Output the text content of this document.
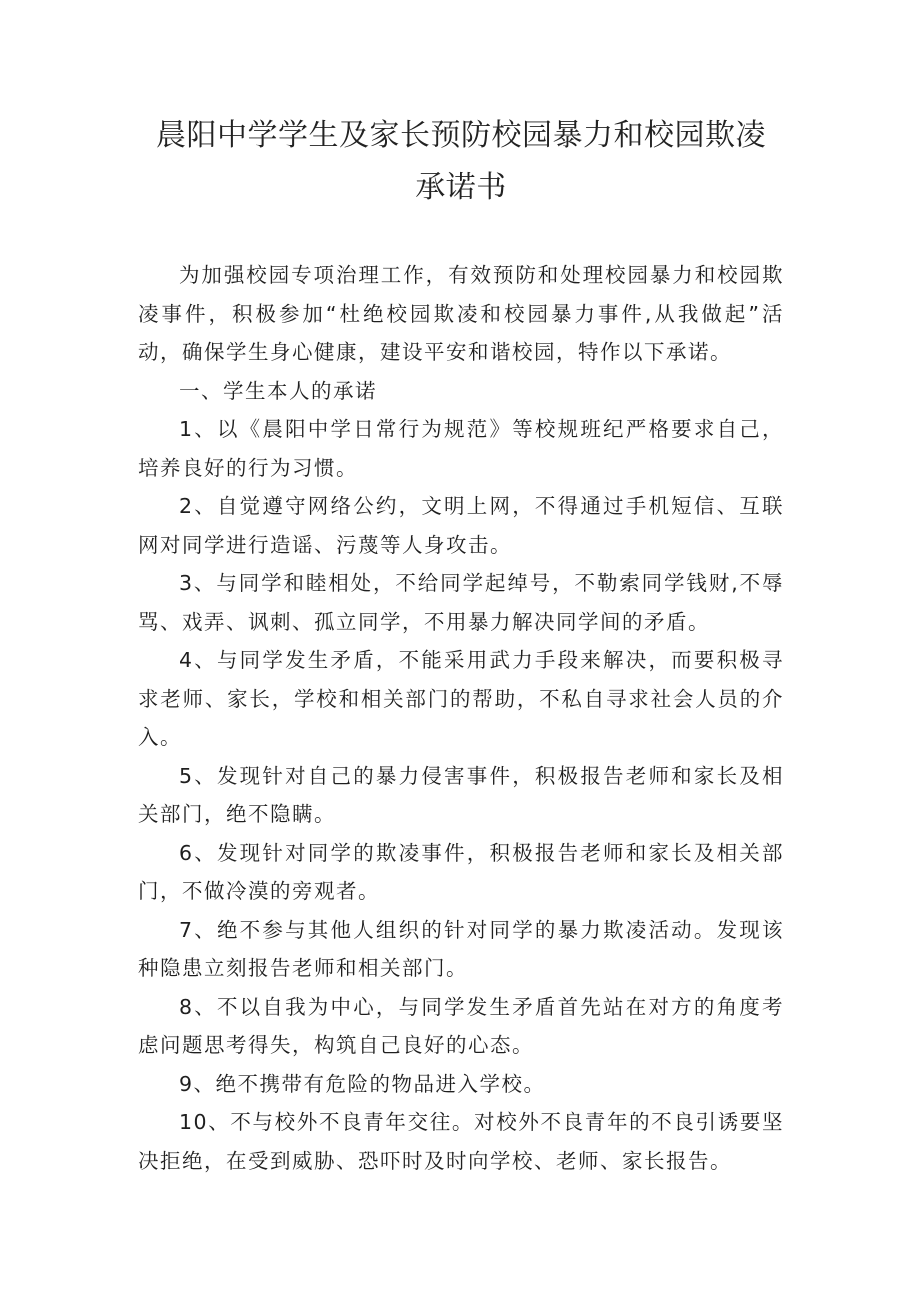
晨阳中学学生及家长预防校园暴力和校园欺凌
承诺书

为加强校园专项治理工作，有效预防和处理校园暴力和校园欺凌事件，积极参加“杜绝校园欺凌和校园暴力事件,从我做起”活动，确保学生身心健康，建设平安和谐校园，特作以下承诺。

一、学生本人的承诺

1、以《晨阳中学日常行为规范》等校规班纪严格要求自己，培养良好的行为习惯。

2、自觉遵守网络公约，文明上网，不得通过手机短信、互联网对同学进行造谣、污蔑等人身攻击。

3、与同学和睦相处，不给同学起绰号，不勒索同学钱财,不辱骂、戏弄、讽刺、孤立同学，不用暴力解决同学间的矛盾。

4、与同学发生矛盾，不能采用武力手段来解决，而要积极寻求老师、家长，学校和相关部门的帮助，不私自寻求社会人员的介入。

5、发现针对自己的暴力侵害事件，积极报告老师和家长及相关部门，绝不隐瞒。

6、发现针对同学的欺凌事件，积极报告老师和家长及相关部门，不做冷漠的旁观者。

7、绝不参与其他人组织的针对同学的暴力欺凌活动。发现该种隐患立刻报告老师和相关部门。

8、不以自我为中心，与同学发生矛盾首先站在对方的角度考虑问题思考得失，构筑自己良好的心态。

9、绝不携带有危险的物品进入学校。

10、不与校外不良青年交往。对校外不良青年的不良引诱要坚决拒绝，在受到威胁、恐吓时及时向学校、老师、家长报告。
